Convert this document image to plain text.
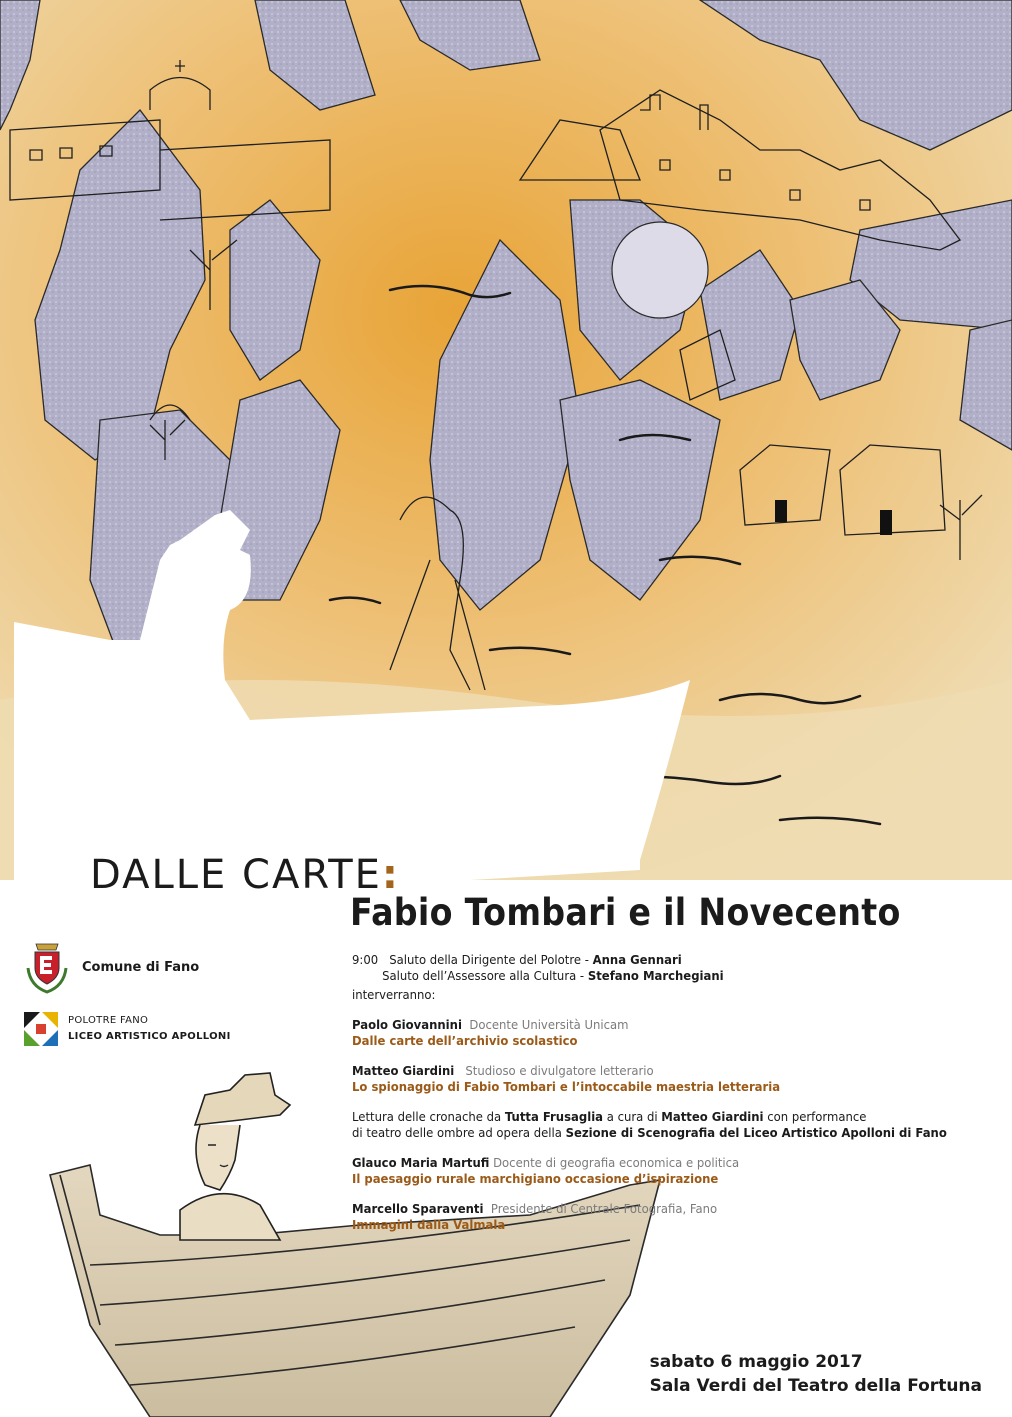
DALLE CARTE:
Fabio Tombari e il Novecento
Comune di Fano
POLOTRE FANO
LICEO ARTISTICO APOLLONI
9:00 Saluto della Dirigente del Polotre - Anna Gennari
Saluto dell’Assessore alla Cultura - Stefano Marchegiani
interverranno:
Paolo Giovannini Docente Università Unicam
Dalle carte dell’archivio scolastico
Matteo Giardini Studioso e divulgatore letterario
Lo spionaggio di Fabio Tombari e l’intoccabile maestria letteraria
Lettura delle cronache da Tutta Frusaglia a cura di Matteo Giardini con performance
di teatro delle ombre ad opera della Sezione di Scenografia del Liceo Artistico Apolloni di Fano
Glauco Maria Martufi Docente di geografia economica e politica
Il paesaggio rurale marchigiano occasione d’ispirazione
Marcello Sparaventi Presidente di Centrale Fotografia, Fano
Immagini dalla Valmala
sabato 6 maggio 2017
Sala Verdi del Teatro della Fortuna
